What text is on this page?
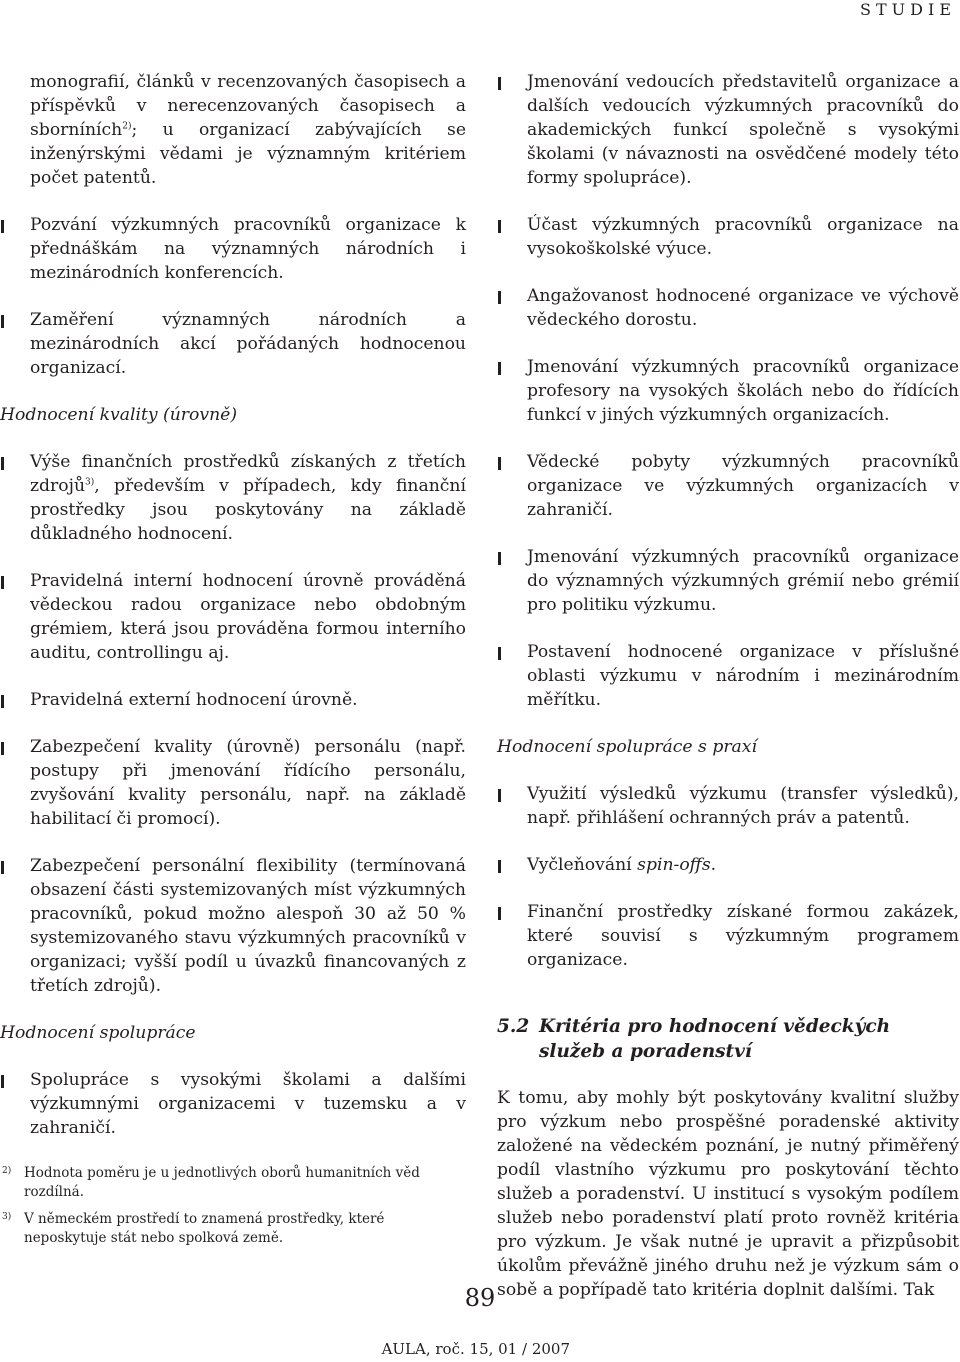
STUDIE

monografií, článků v recenzovaných časopisech a příspěvků v nerecenzovaných časopisech a sborníních$^{2)}$; u organizací zabývajících se inženýrskými vědami je významným kritériem počet patentů.

Pozvání výzkumných pracovníků organizace k přednáškám na významných národních i mezinárodních konferencích.

Zaměření významných národních a mezinárodních akcí pořádaných hodnocenou organizací.

Hodnocení kvality (úrovně)

Výše finančních prostředků získaných z třetích zdrojů$^{3)}$, především v případech, kdy finanční prostředky jsou poskytovány na základě důkladného hodnocení.

Pravidelná interní hodnocení úrovně prováděná vědeckou radou organizace nebo obdobným grémiem, která jsou prováděna formou interního auditu, controllingu aj.

Pravidelná externí hodnocení úrovně.

Zabezpečení kvality (úrovně) personálu (např. postupy při jmenování řídícího personálu, zvyšování kvality personálu, např. na základě habilitací či promocí).

Zabezpečení personální flexibility (termínovaná obsazení části systemizovaných míst výzkumných pracovníků, pokud možno alespoň 30 až 50 % systemizovaného stavu výzkumných pracovníků v organizaci; vyšší podíl u úvazků financovaných z třetích zdrojů).

Hodnocení spolupráce

Spolupráce s vysokými školami a dalšími výzkumnými organizacemi v tuzemsku a v zahraničí.

2) Hodnota poměru je u jednotlivých oborů humanitních věd rozdílná.
3) V německém prostředí to znamená prostředky, které neposkytuje stát nebo spolková země.

Jmenování vedoucích představitelů organizace a dalších vedoucích výzkumných pracovníků do akademických funkcí společně s vysokými školami (v návaznosti na osvědčené modely této formy spolupráce).

Účast výzkumných pracovníků organizace na vysokoškolské výuce.

Angažovanost hodnocené organizace ve výchově vědeckého dorostu.

Jmenování výzkumných pracovníků organizace profesory na vysokých školách nebo do řídících funkcí v jiných výzkumných organizacích.

Vědecké pobyty výzkumných pracovníků organizace ve výzkumných organizacích v zahraničí.

Jmenování výzkumných pracovníků organizace do významných výzkumných grémií nebo grémií pro politiku výzkumu.

Postavení hodnocené organizace v příslušné oblasti výzkumu v národním i mezinárodním měřítku.

Hodnocení spolupráce s praxí

Využití výsledků výzkumu (transfer výsledků), např. přihlášení ochranných práv a patentů.

Vyčleňování spin-offs.

Finanční prostředky získané formou zakázek, které souvisí s výzkumným programem organizace.

5.2 Kritéria pro hodnocení vědeckých služeb a poradenství

K tomu, aby mohly být poskytovány kvalitní služby pro výzkum nebo prospěšné poradenské aktivity založené na vědeckém poznání, je nutný přiměřený podíl vlastního výzkumu pro poskytování těchto služeb a poradenství. U institucí s vysokým podílem služeb nebo poradenství platí proto rovněž kritéria pro výzkum. Je však nutné je upravit a přizpůsobit úkolům převážně jiného druhu než je výzkum sám o sobě a popřípadě tato kritéria doplnit dalšími. Tak

89
AULA, roč. 15, 01 / 2007
